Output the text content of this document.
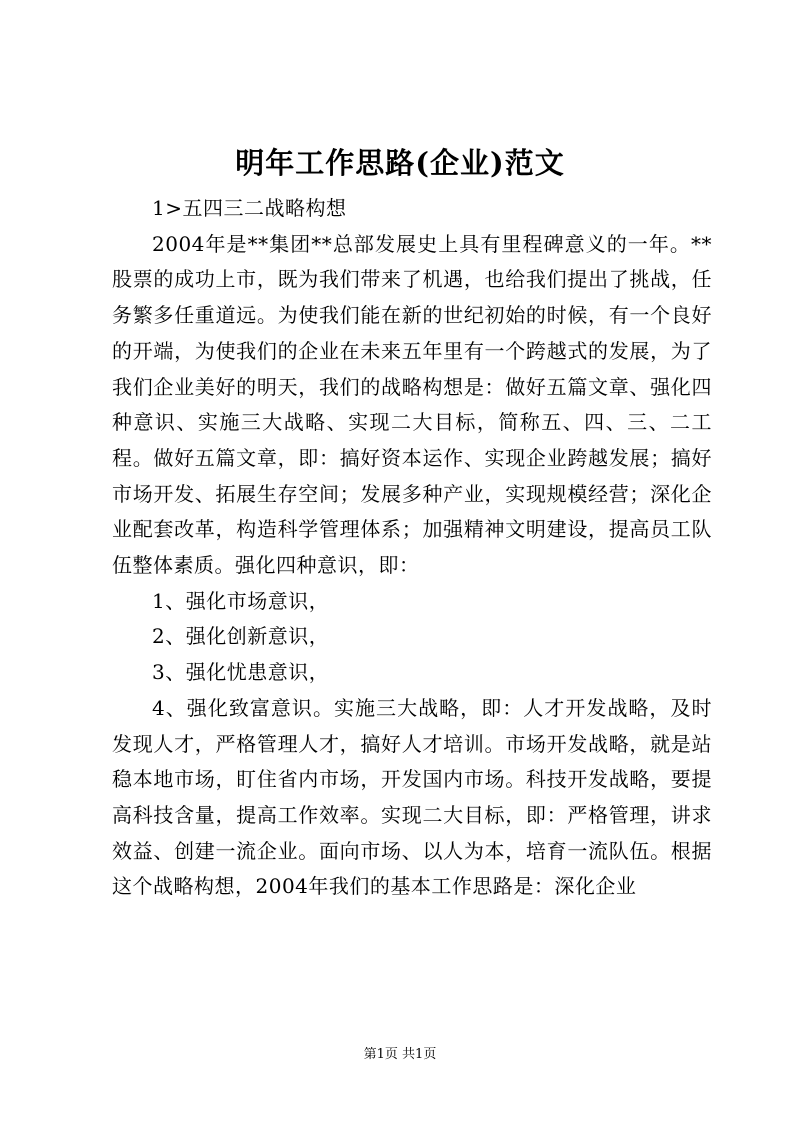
明年工作思路(企业)范文

1>五四三二战略构想

2004年是**集团**总部发展史上具有里程碑意义的一年。**股票的成功上市，既为我们带来了机遇，也给我们提出了挑战，任务繁多任重道远。为使我们能在新的世纪初始的时候，有一个良好的开端，为使我们的企业在未来五年里有一个跨越式的发展，为了我们企业美好的明天，我们的战略构想是：做好五篇文章、强化四种意识、实施三大战略、实现二大目标，简称五、四、三、二工程。做好五篇文章，即：搞好资本运作、实现企业跨越发展；搞好市场开发、拓展生存空间；发展多种产业，实现规模经营；深化企业配套改革，构造科学管理体系；加强精神文明建设，提高员工队伍整体素质。强化四种意识，即：

1、强化市场意识，

2、强化创新意识，

3、强化忧患意识，

4、强化致富意识。实施三大战略，即：人才开发战略，及时发现人才，严格管理人才，搞好人才培训。市场开发战略，就是站稳本地市场，盯住省内市场，开发国内市场。科技开发战略，要提高科技含量，提高工作效率。实现二大目标，即：严格管理，讲求效益、创建一流企业。面向市场、以人为本，培育一流队伍。根据这个战略构想，2004年我们的基本工作思路是：深化企业

第1页 共1页
